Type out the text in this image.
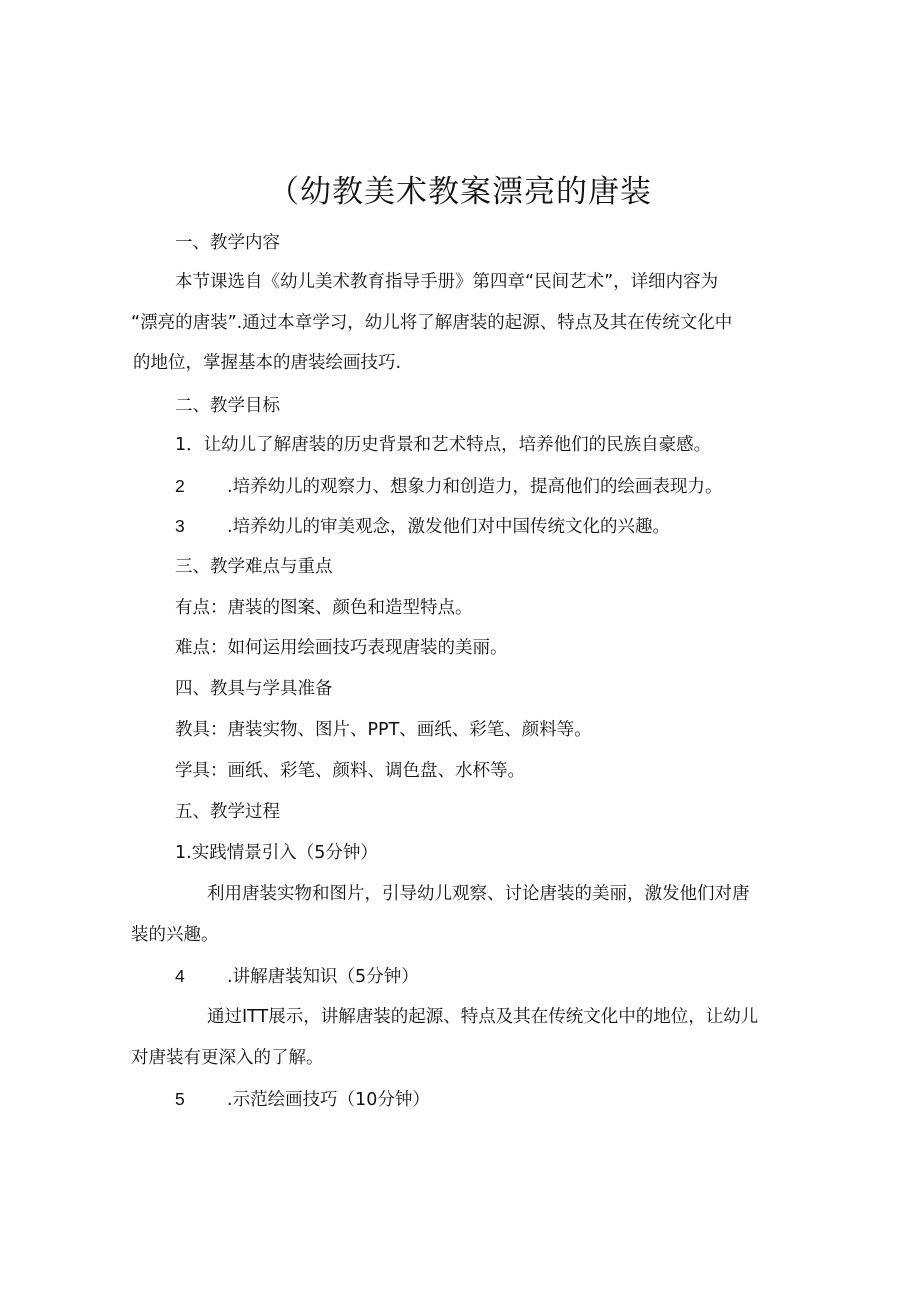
（幼教美术教案漂亮的唐装
一、教学内容
本节课选自《幼儿美术教育指导手册》第四章“民间艺术”，详细内容为
“漂亮的唐装”.通过本章学习，幼儿将了解唐装的起源、特点及其在传统文化中
的地位，掌握基本的唐装绘画技巧.
二、教学目标
1．让幼儿了解唐装的历史背景和艺术特点，培养他们的民族自豪感。
2 .培养幼儿的观察力、想象力和创造力，提高他们的绘画表现力。
3 .培养幼儿的审美观念，激发他们对中国传统文化的兴趣。
三、教学难点与重点
有点：唐装的图案、颜色和造型特点。
难点：如何运用绘画技巧表现唐装的美丽。
四、教具与学具准备
教具：唐装实物、图片、PPT、画纸、彩笔、颜料等。
学具：画纸、彩笔、颜料、调色盘、水杯等。
五、教学过程
1.实践情景引入（5分钟）
利用唐装实物和图片，引导幼儿观察、讨论唐装的美丽，激发他们对唐
装的兴趣。
4 .讲解唐装知识（5分钟）
通过ITT展示，讲解唐装的起源、特点及其在传统文化中的地位，让幼儿
对唐装有更深入的了解。
5 .示范绘画技巧（10分钟）
